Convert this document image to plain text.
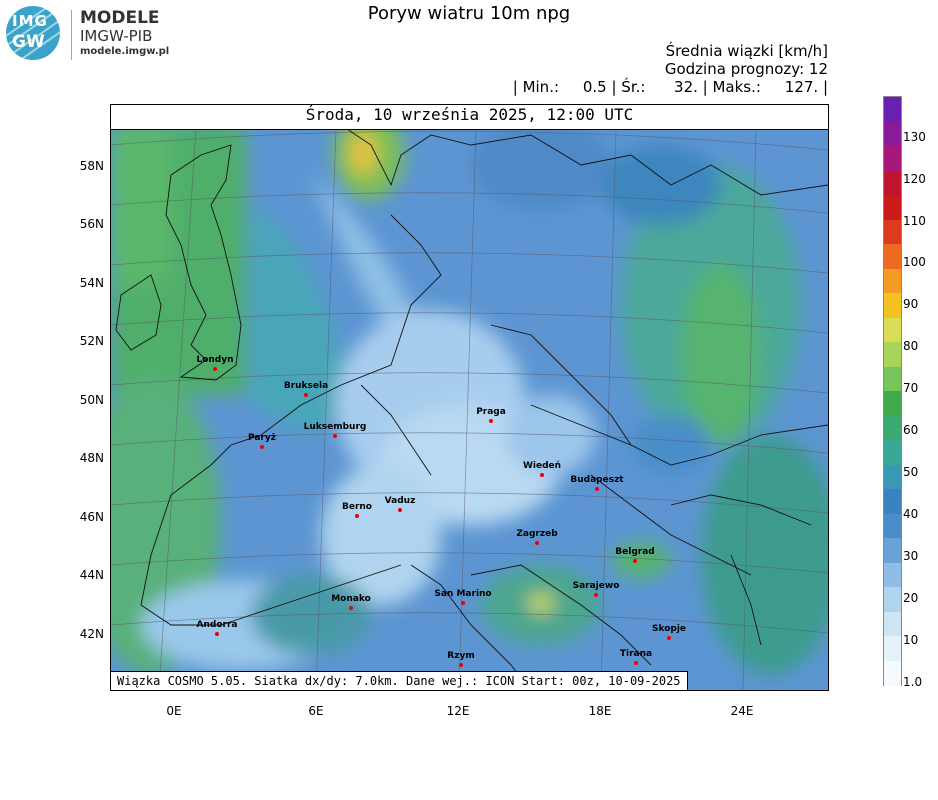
IMG
GW
MODELE
IMGW-PIB
modele.imgw.pl
Poryw wiatru 10m npg
Średnia wiązki [km/h]
Godzina prognozy: 12
| Min.:     0.5 | Śr.:      32. | Maks.:     127. |
Środa, 10 września 2025, 12:00 UTC
Wiązka COSMO 5.05. Siatka dx/dy: 7.0km. Dane wej.: ICON Start: 00z, 10-09-2025
58N
56N
54N
52N
50N
48N
46N
44N
42N
0E	6E	12E	18E	24E
Londyn
Bruksela
Paryż
Luksemburg
Praga
Wiedeń
Budapeszt
Berno
Vaduz
Zagrzeb
Belgrad
Monako	San Marino
Sarajewo
Andorra	Skopje
Tirana
Rzym
130
120
110
100
90
80
70
60
50
40
30
20
10
1.0
